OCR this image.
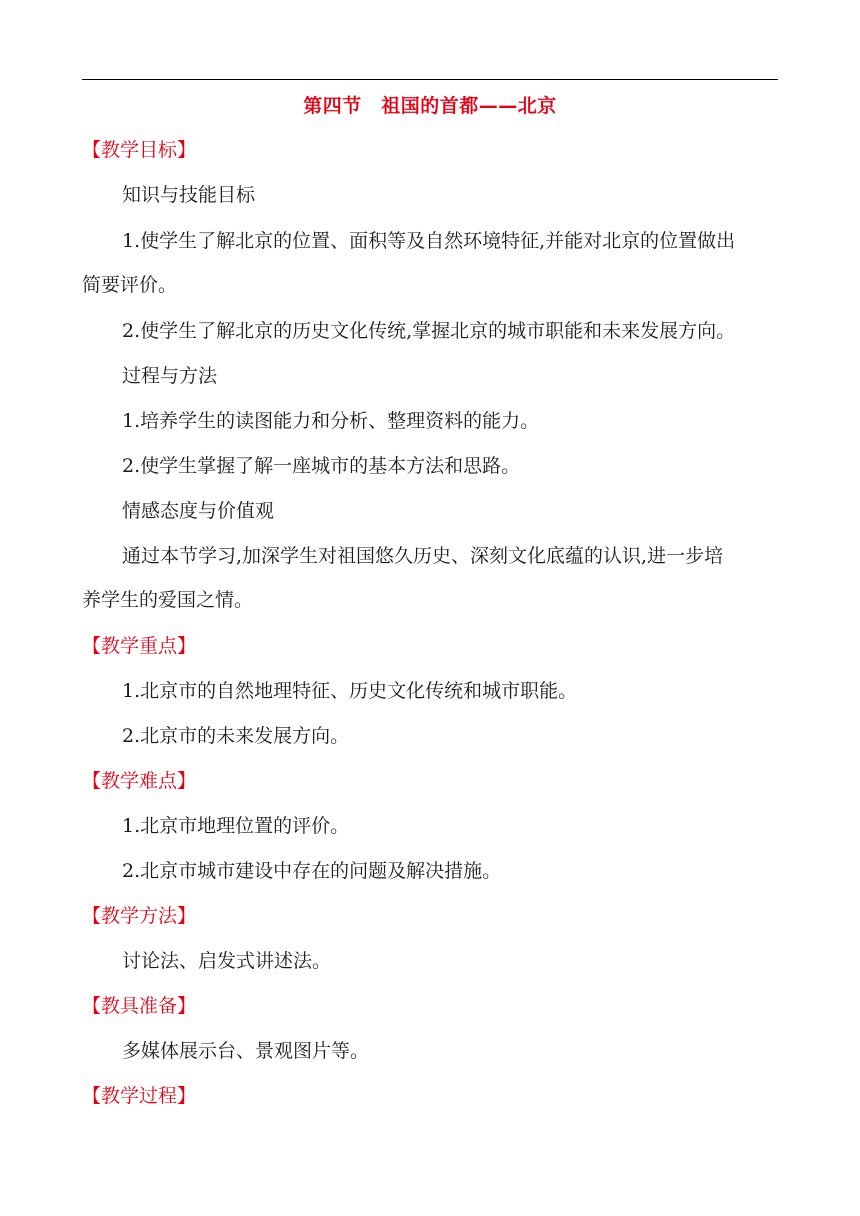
第四节　祖国的首都——北京
【教学目标】
知识与技能目标
1.使学生了解北京的位置、面积等及自然环境特征,并能对北京的位置做出
简要评价。
2.使学生了解北京的历史文化传统,掌握北京的城市职能和未来发展方向。
过程与方法
1.培养学生的读图能力和分析、整理资料的能力。
2.使学生掌握了解一座城市的基本方法和思路。
情感态度与价值观
通过本节学习,加深学生对祖国悠久历史、深刻文化底蕴的认识,进一步培
养学生的爱国之情。
【教学重点】
1.北京市的自然地理特征、历史文化传统和城市职能。
2.北京市的未来发展方向。
【教学难点】
1.北京市地理位置的评价。
2.北京市城市建设中存在的问题及解决措施。
【教学方法】
讨论法、启发式讲述法。
【教具准备】
多媒体展示台、景观图片等。
【教学过程】
